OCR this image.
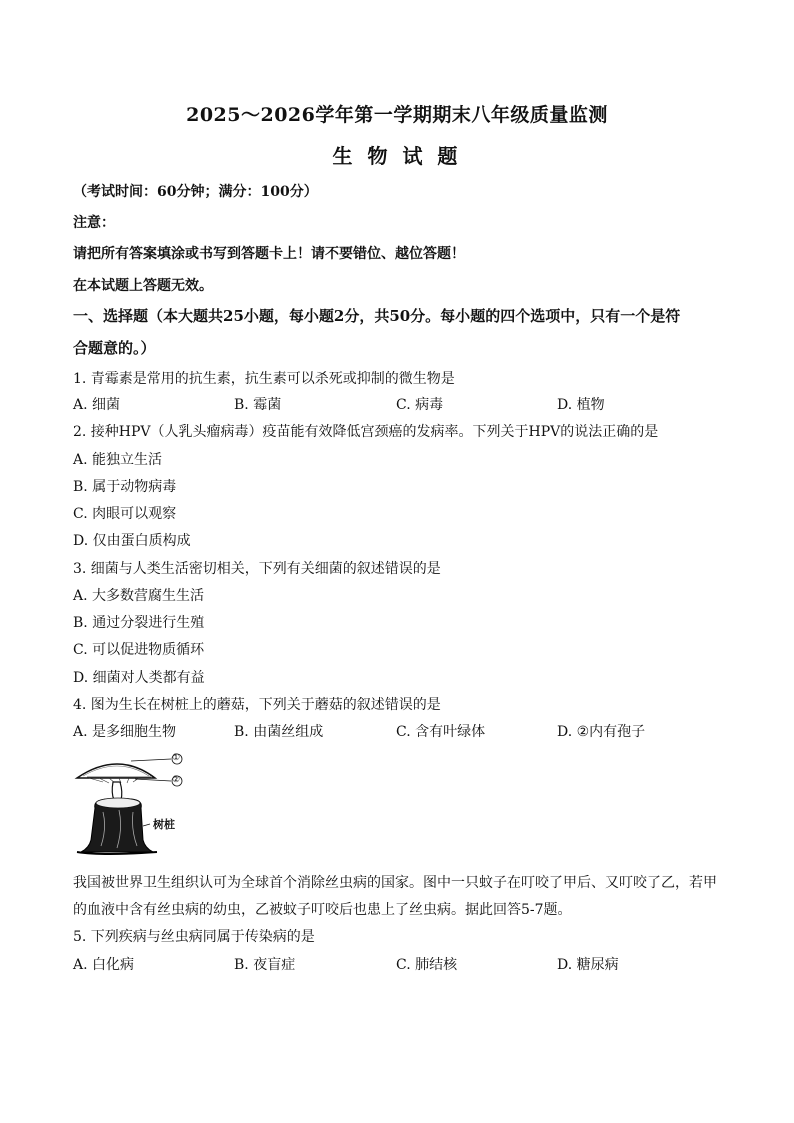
2025～2026学年第一学期期末八年级质量监测
生 物 试 题
（考试时间：60分钟；满分：100分）
注意：
请把所有答案填涂或书写到答题卡上！请不要错位、越位答题！
在本试题上答题无效。
一、选择题（本大题共25小题，每小题2分，共50分。每小题的四个选项中，只有一个是符
合题意的。）
1. 青霉素是常用的抗生素，抗生素可以杀死或抑制的微生物是
A. 细菌	B. 霉菌	C. 病毒	D. 植物
2. 接种HPV（人乳头瘤病毒）疫苗能有效降低宫颈癌的发病率。下列关于HPV的说法正确的是
A. 能独立生活
B. 属于动物病毒
C. 肉眼可以观察
D. 仅由蛋白质构成
3. 细菌与人类生活密切相关，下列有关细菌的叙述错误的是
A. 大多数营腐生生活
B. 通过分裂进行生殖
C. 可以促进物质循环
D. 细菌对人类都有益
4. 图为生长在树桩上的蘑菇，下列关于蘑菇的叙述错误的是
A. 是多细胞生物	B. 由菌丝组成	C. 含有叶绿体	D. ②内有孢子
①
②
树桩
我国被世界卫生组织认可为全球首个消除丝虫病的国家。图中一只蚊子在叮咬了甲后、又叮咬了乙，若甲
的血液中含有丝虫病的幼虫，乙被蚊子叮咬后也患上了丝虫病。据此回答5-7题。
5. 下列疾病与丝虫病同属于传染病的是
A. 白化病	B. 夜盲症	C. 肺结核	D. 糖尿病
